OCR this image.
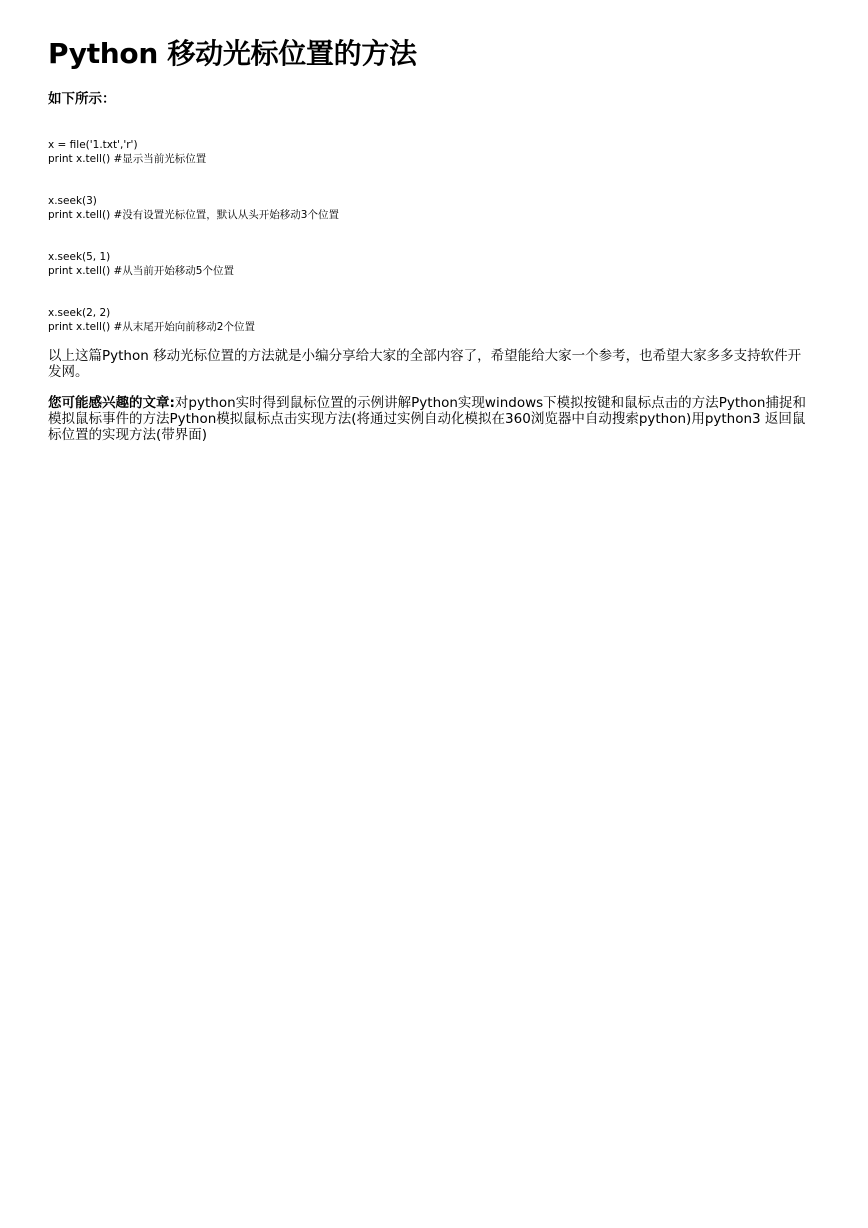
Python 移动光标位置的方法
如下所示：
x = file('1.txt','r')
print x.tell() #显示当前光标位置
x.seek(3)
print x.tell() #没有设置光标位置，默认从头开始移动3个位置
x.seek(5, 1)
print x.tell() #从当前开始移动5个位置
x.seek(2, 2)
print x.tell() #从末尾开始向前移动2个位置
以上这篇Python 移动光标位置的方法就是小编分享给大家的全部内容了，希望能给大家一个参考，也希望大家多多支持软件开发网。
您可能感兴趣的文章:对python实时得到鼠标位置的示例讲解Python实现windows下模拟按键和鼠标点击的方法Python捕捉和模拟鼠标事件的方法Python模拟鼠标点击实现方法(将通过实例自动化模拟在360浏览器中自动搜索python)用python3 返回鼠标位置的实现方法(带界面)
